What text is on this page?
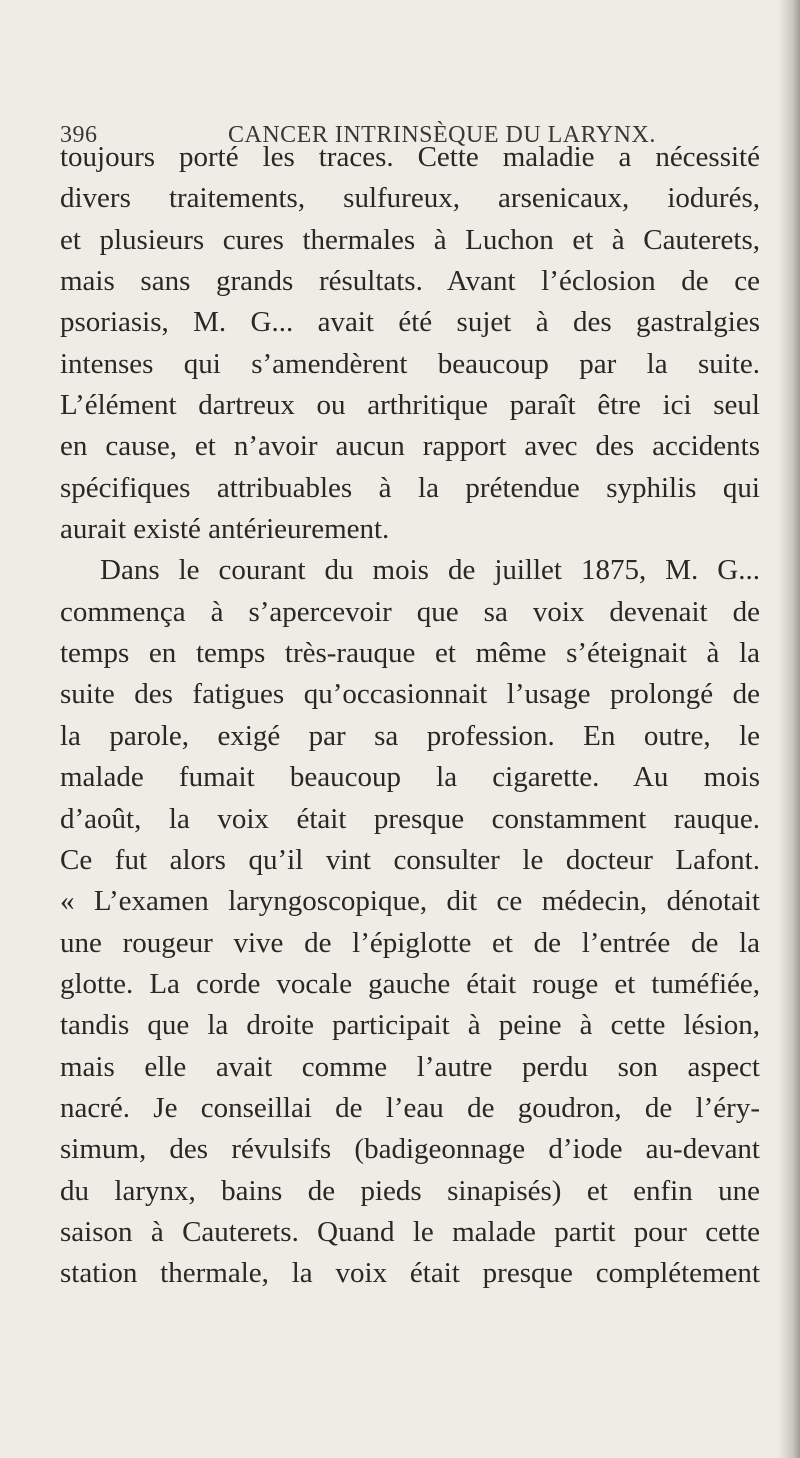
396	CANCER INTRINSÈQUE DU LARYNX.
toujours porté les traces. Cette maladie a nécessité
divers traitements, sulfureux, arsenicaux, iodurés,
et plusieurs cures thermales à Luchon et à Cauterets,
mais sans grands résultats. Avant l’éclosion de ce
psoriasis, M. G... avait été sujet à des gastralgies
intenses qui s’amendèrent beaucoup par la suite.
L’élément dartreux ou arthritique paraît être ici seul
en cause, et n’avoir aucun rapport avec des accidents
spécifiques attribuables à la prétendue syphilis qui
aurait existé antérieurement.
Dans le courant du mois de juillet 1875, M. G...
commença à s’apercevoir que sa voix devenait de
temps en temps très-rauque et même s’éteignait à la
suite des fatigues qu’occasionnait l’usage prolongé de
la parole, exigé par sa profession. En outre, le
malade fumait beaucoup la cigarette. Au mois
d’août, la voix était presque constamment rauque.
Ce fut alors qu’il vint consulter le docteur Lafont.
« L’examen laryngoscopique, dit ce médecin, dénotait
une rougeur vive de l’épiglotte et de l’entrée de la
glotte. La corde vocale gauche était rouge et tuméfiée,
tandis que la droite participait à peine à cette lésion,
mais elle avait comme l’autre perdu son aspect
nacré. Je conseillai de l’eau de goudron, de l’éry-
simum, des révulsifs (badigeonnage d’iode au-devant
du larynx, bains de pieds sinapisés) et enfin une
saison à Cauterets. Quand le malade partit pour cette
station thermale, la voix était presque complétement
